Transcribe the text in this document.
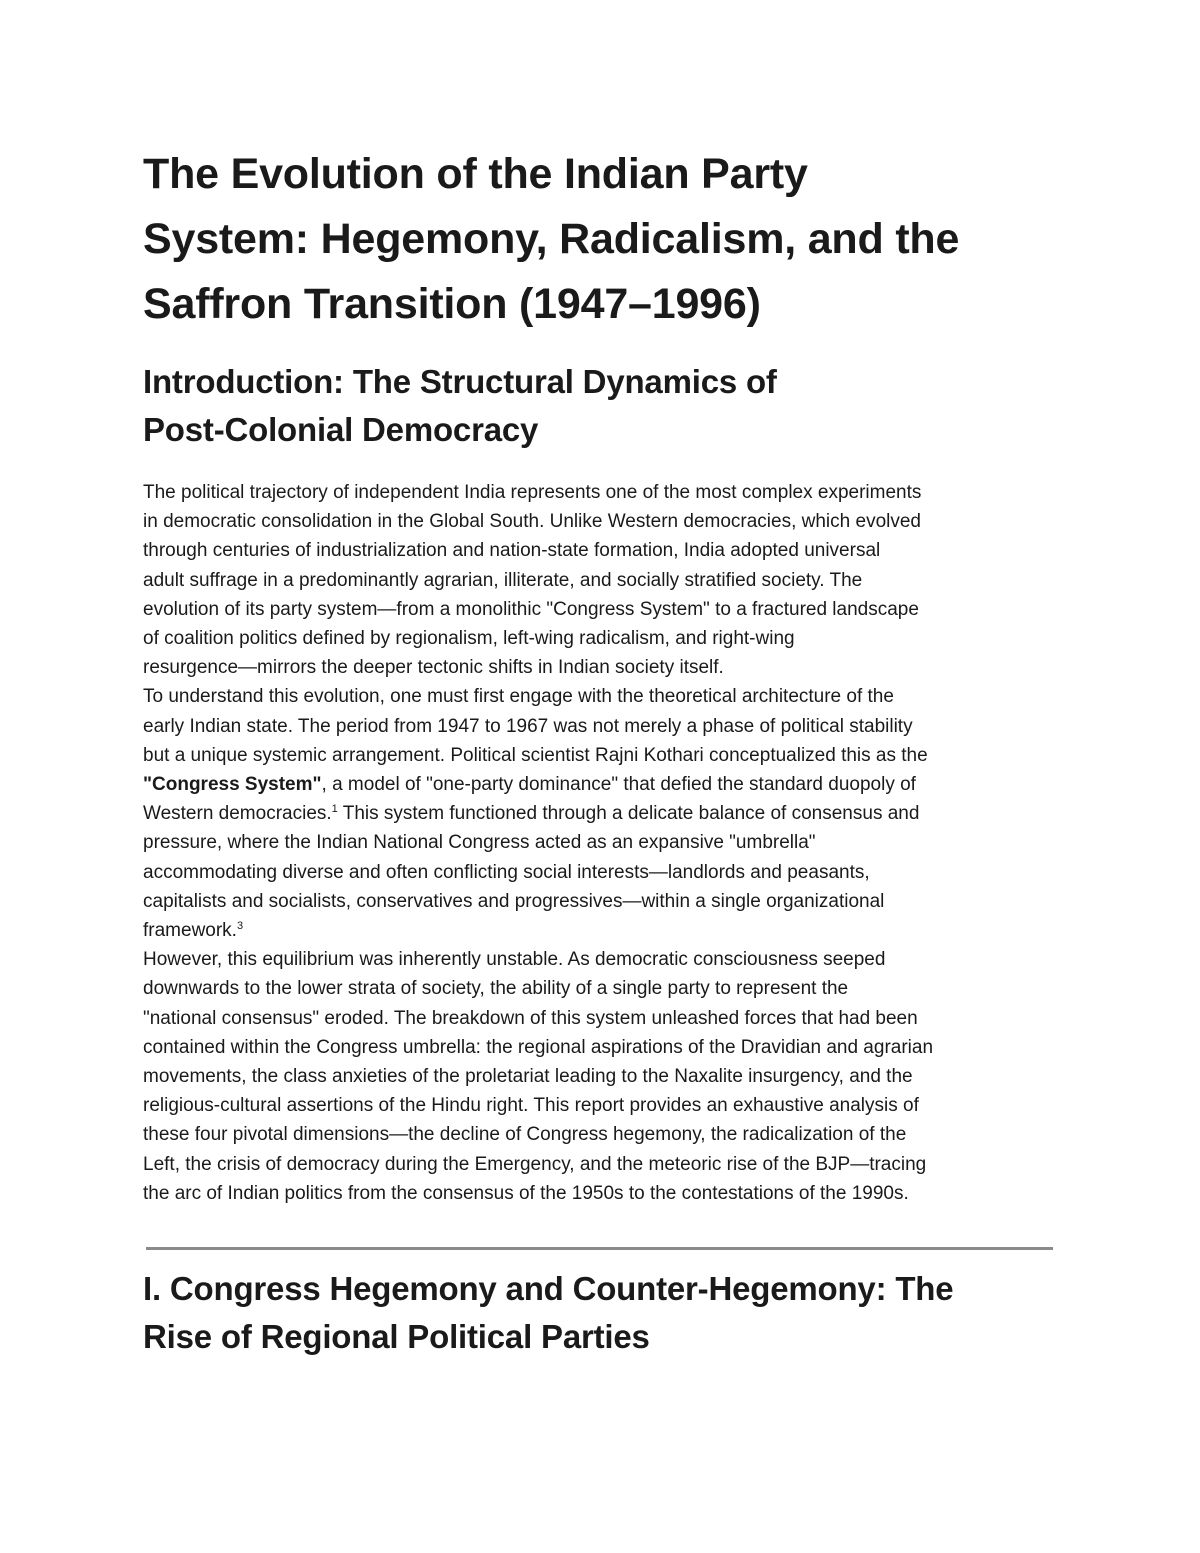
The Evolution of the Indian Party
System: Hegemony, Radicalism, and the
Saffron Transition (1947–1996)
Introduction: The Structural Dynamics of
Post-Colonial Democracy
The political trajectory of independent India represents one of the most complex experiments
in democratic consolidation in the Global South. Unlike Western democracies, which evolved
through centuries of industrialization and nation-state formation, India adopted universal
adult suffrage in a predominantly agrarian, illiterate, and socially stratified society. The
evolution of its party system—from a monolithic "Congress System" to a fractured landscape
of coalition politics defined by regionalism, left-wing radicalism, and right-wing
resurgence—mirrors the deeper tectonic shifts in Indian society itself.
To understand this evolution, one must first engage with the theoretical architecture of the
early Indian state. The period from 1947 to 1967 was not merely a phase of political stability
but a unique systemic arrangement. Political scientist Rajni Kothari conceptualized this as the
"Congress System", a model of "one-party dominance" that defied the standard duopoly of
Western democracies.$^1$ This system functioned through a delicate balance of consensus and
pressure, where the Indian National Congress acted as an expansive "umbrella"
accommodating diverse and often conflicting social interests—landlords and peasants,
capitalists and socialists, conservatives and progressives—within a single organizational
framework.$^3$
However, this equilibrium was inherently unstable. As democratic consciousness seeped
downwards to the lower strata of society, the ability of a single party to represent the
"national consensus" eroded. The breakdown of this system unleashed forces that had been
contained within the Congress umbrella: the regional aspirations of the Dravidian and agrarian
movements, the class anxieties of the proletariat leading to the Naxalite insurgency, and the
religious-cultural assertions of the Hindu right. This report provides an exhaustive analysis of
these four pivotal dimensions—the decline of Congress hegemony, the radicalization of the
Left, the crisis of democracy during the Emergency, and the meteoric rise of the BJP—tracing
the arc of Indian politics from the consensus of the 1950s to the contestations of the 1990s.
I. Congress Hegemony and Counter-Hegemony: The
Rise of Regional Political Parties
